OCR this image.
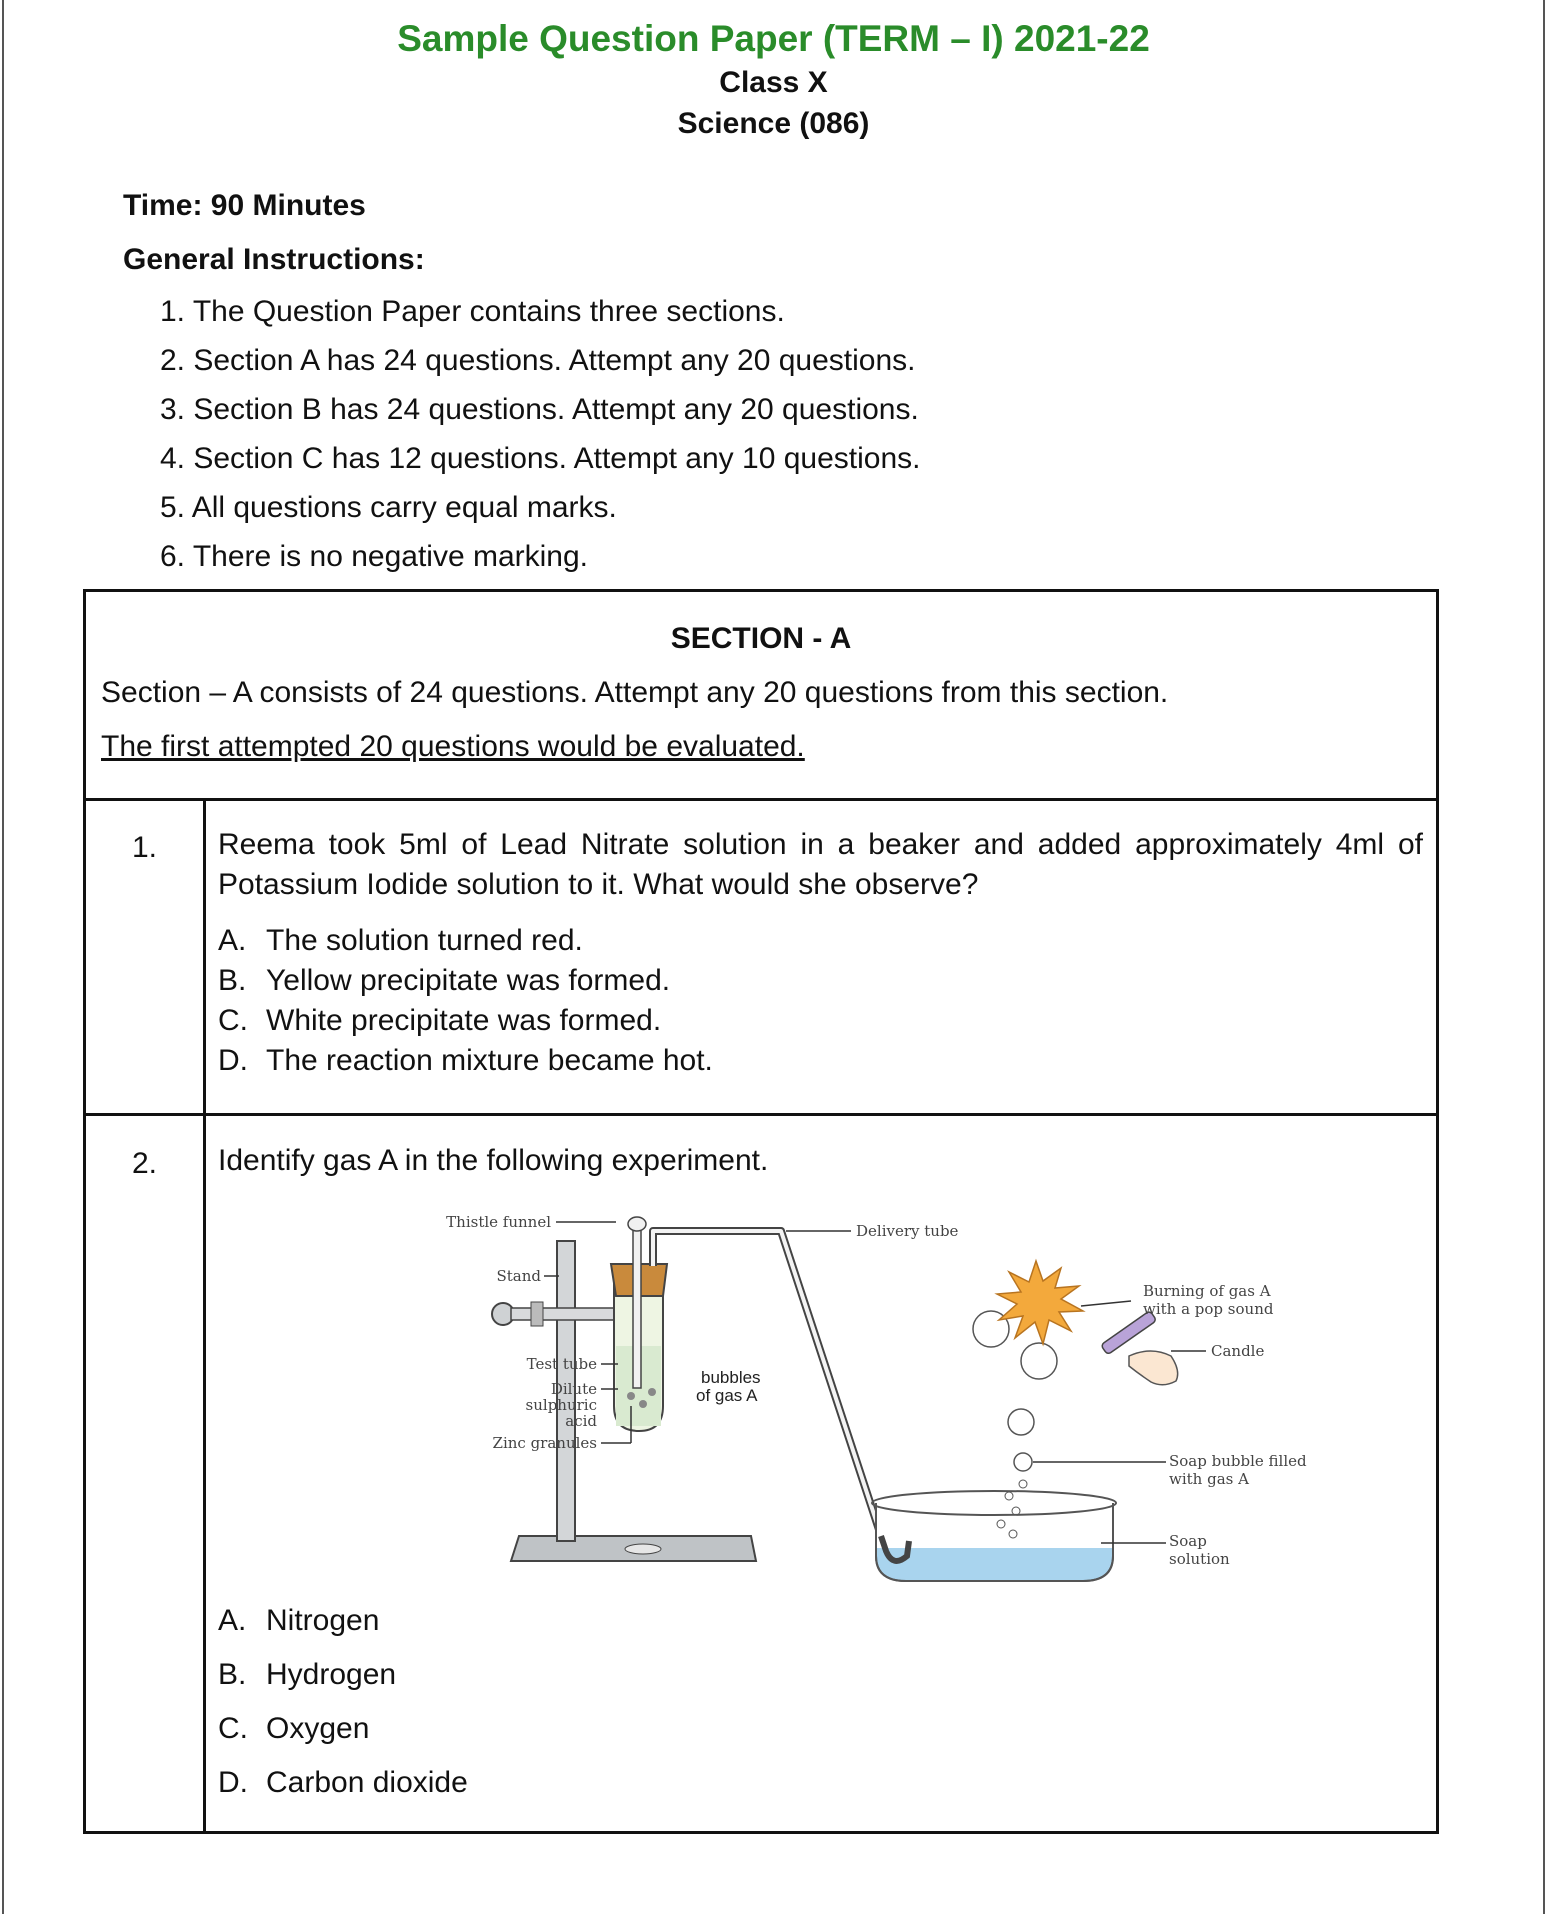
Sample Question Paper (TERM – I) 2021-22
Class X
Science (086)
Time: 90 Minutes
General Instructions:
1. The Question Paper contains three sections.
2. Section A has 24 questions. Attempt any 20 questions.
3. Section B has 24 questions. Attempt any 20 questions.
4. Section C has 12 questions. Attempt any 10 questions.
5. All questions carry equal marks.
6. There is no negative marking.
SECTION - A
Section – A consists of 24 questions. Attempt any 20 questions from this section.
The first attempted 20 questions would be evaluated.
1.	Reema took 5ml of Lead Nitrate solution in a beaker and added approximately 4ml of Potassium Iodide solution to it. What would she observe?
A. The solution turned red.
B. Yellow precipitate was formed.
C. White precipitate was formed.
D. The reaction mixture became hot.
2.	Identify gas A in the following experiment.
Thistle funnel	Delivery tube
Stand
Burning of gas A
with a pop sound
Candle
Test tube
Dilute
sulphuric
acid
Zinc granules
bubbles
of gas A
Soap bubble filled
with gas A
Soap
solution
A. Nitrogen
B. Hydrogen
C. Oxygen
D. Carbon dioxide
